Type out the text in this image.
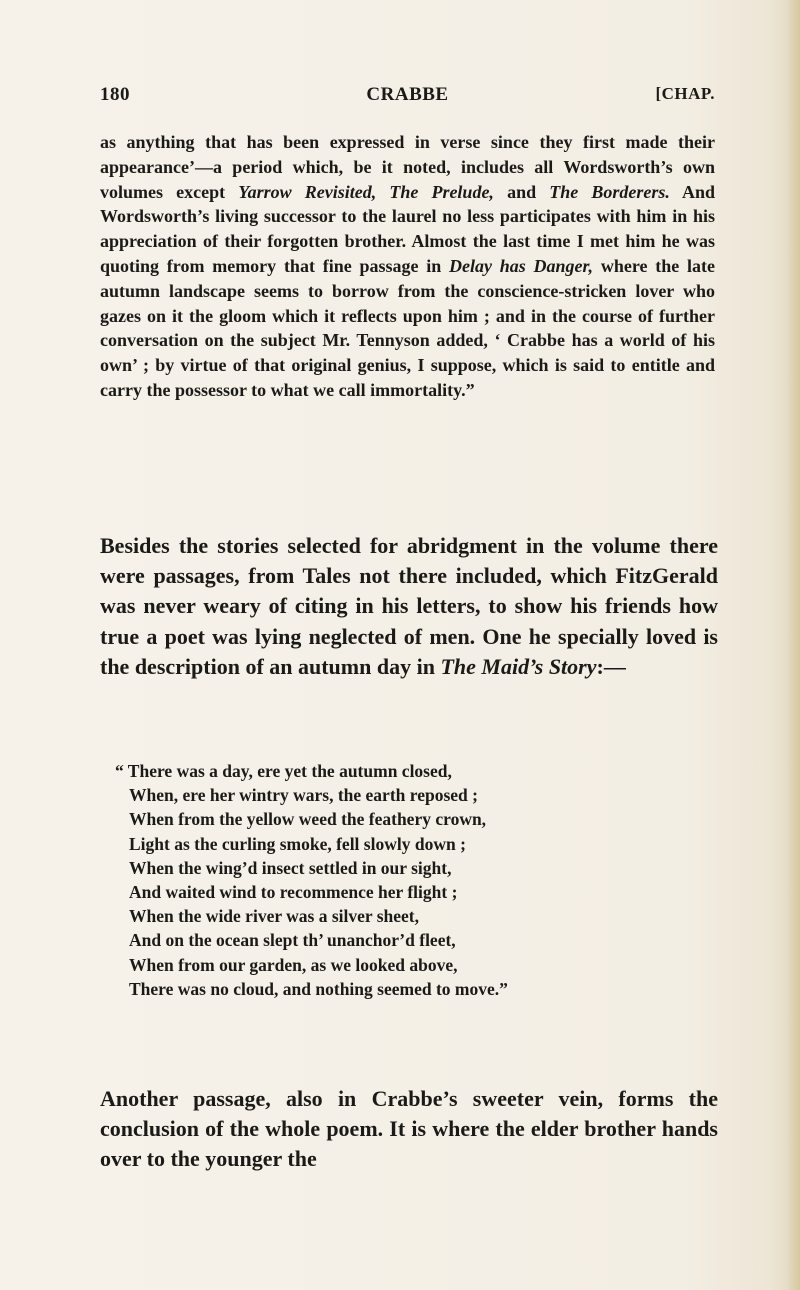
180	CRABBE	[CHAP.

as anything that has been expressed in verse since they first made their appearance’—a period which, be it noted, includes all Wordsworth’s own volumes except Yarrow Revisited, The Prelude, and The Borderers. And Wordsworth’s living successor to the laurel no less participates with him in his appreciation of their forgotten brother. Almost the last time I met him he was quoting from memory that fine passage in Delay has Danger, where the late autumn landscape seems to borrow from the conscience-stricken lover who gazes on it the gloom which it reflects upon him ; and in the course of further conversation on the subject Mr. Tennyson added, ‘ Crabbe has a world of his own’ ; by virtue of that original genius, I suppose, which is said to entitle and carry the possessor to what we call immortality.”

Besides the stories selected for abridgment in the volume there were passages, from Tales not there included, which FitzGerald was never weary of citing in his letters, to show his friends how true a poet was lying neglected of men. One he specially loved is the description of an autumn day in The Maid’s Story:—

“ There was a day, ere yet the autumn closed,
When, ere her wintry wars, the earth reposed ;
When from the yellow weed the feathery crown,
Light as the curling smoke, fell slowly down ;
When the wing’d insect settled in our sight,
And waited wind to recommence her flight ;
When the wide river was a silver sheet,
And on the ocean slept th’ unanchor’d fleet,
When from our garden, as we looked above,
There was no cloud, and nothing seemed to move.”

Another passage, also in Crabbe’s sweeter vein, forms the conclusion of the whole poem. It is where the elder brother hands over to the younger the
